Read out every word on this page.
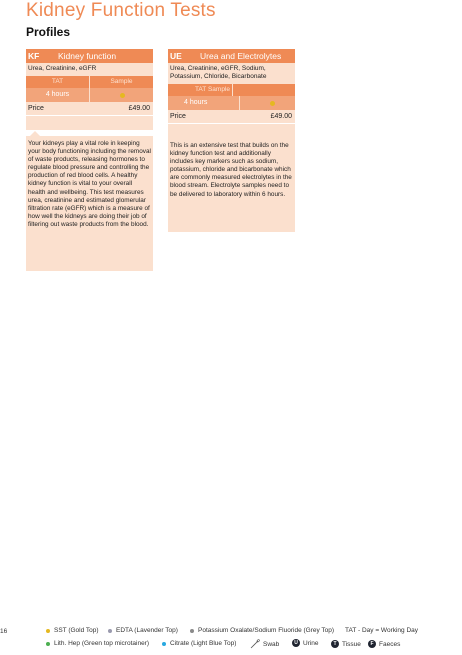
Kidney Function Tests
Profiles
KF	Kidney function
Urea, Creatinine, eGFR
TAT	Sample
4 hours
Price	£49.00
Your kidneys play a vital role in keeping your body functioning including the removal of waste products, releasing hormones to regulate blood pressure and controlling the production of red blood cells. A healthy kidney function is vital to your overall health and wellbeing. This test measures urea, creatinine and estimated glomerular filtration rate (eGFR) which is a measure of how well the kidneys are doing their job of filtering out waste products from the blood.
UE	Urea and Electrolytes
Urea, Creatinine, eGFR, Sodium, Potassium, Chloride, Bicarbonate
TAT Sample
4 hours
Price	£49.00
This is an extensive test that builds on the kidney function test and additionally includes key markers such as sodium, potassium, chloride and bicarbonate which are commonly measured electrolytes in the blood stream. Electrolyte samples need to be delivered to laboratory within 6 hours.
16	SST (Gold Top)	EDTA (Lavender Top)	Potassium Oxalate/Sodium Fluoride (Grey Top) TAT - Day = Working Day
Lith. Hep (Green top microtainer)	Citrate (Light Blue Top)	Swab	U Urine	T Tissue	F Faeces
